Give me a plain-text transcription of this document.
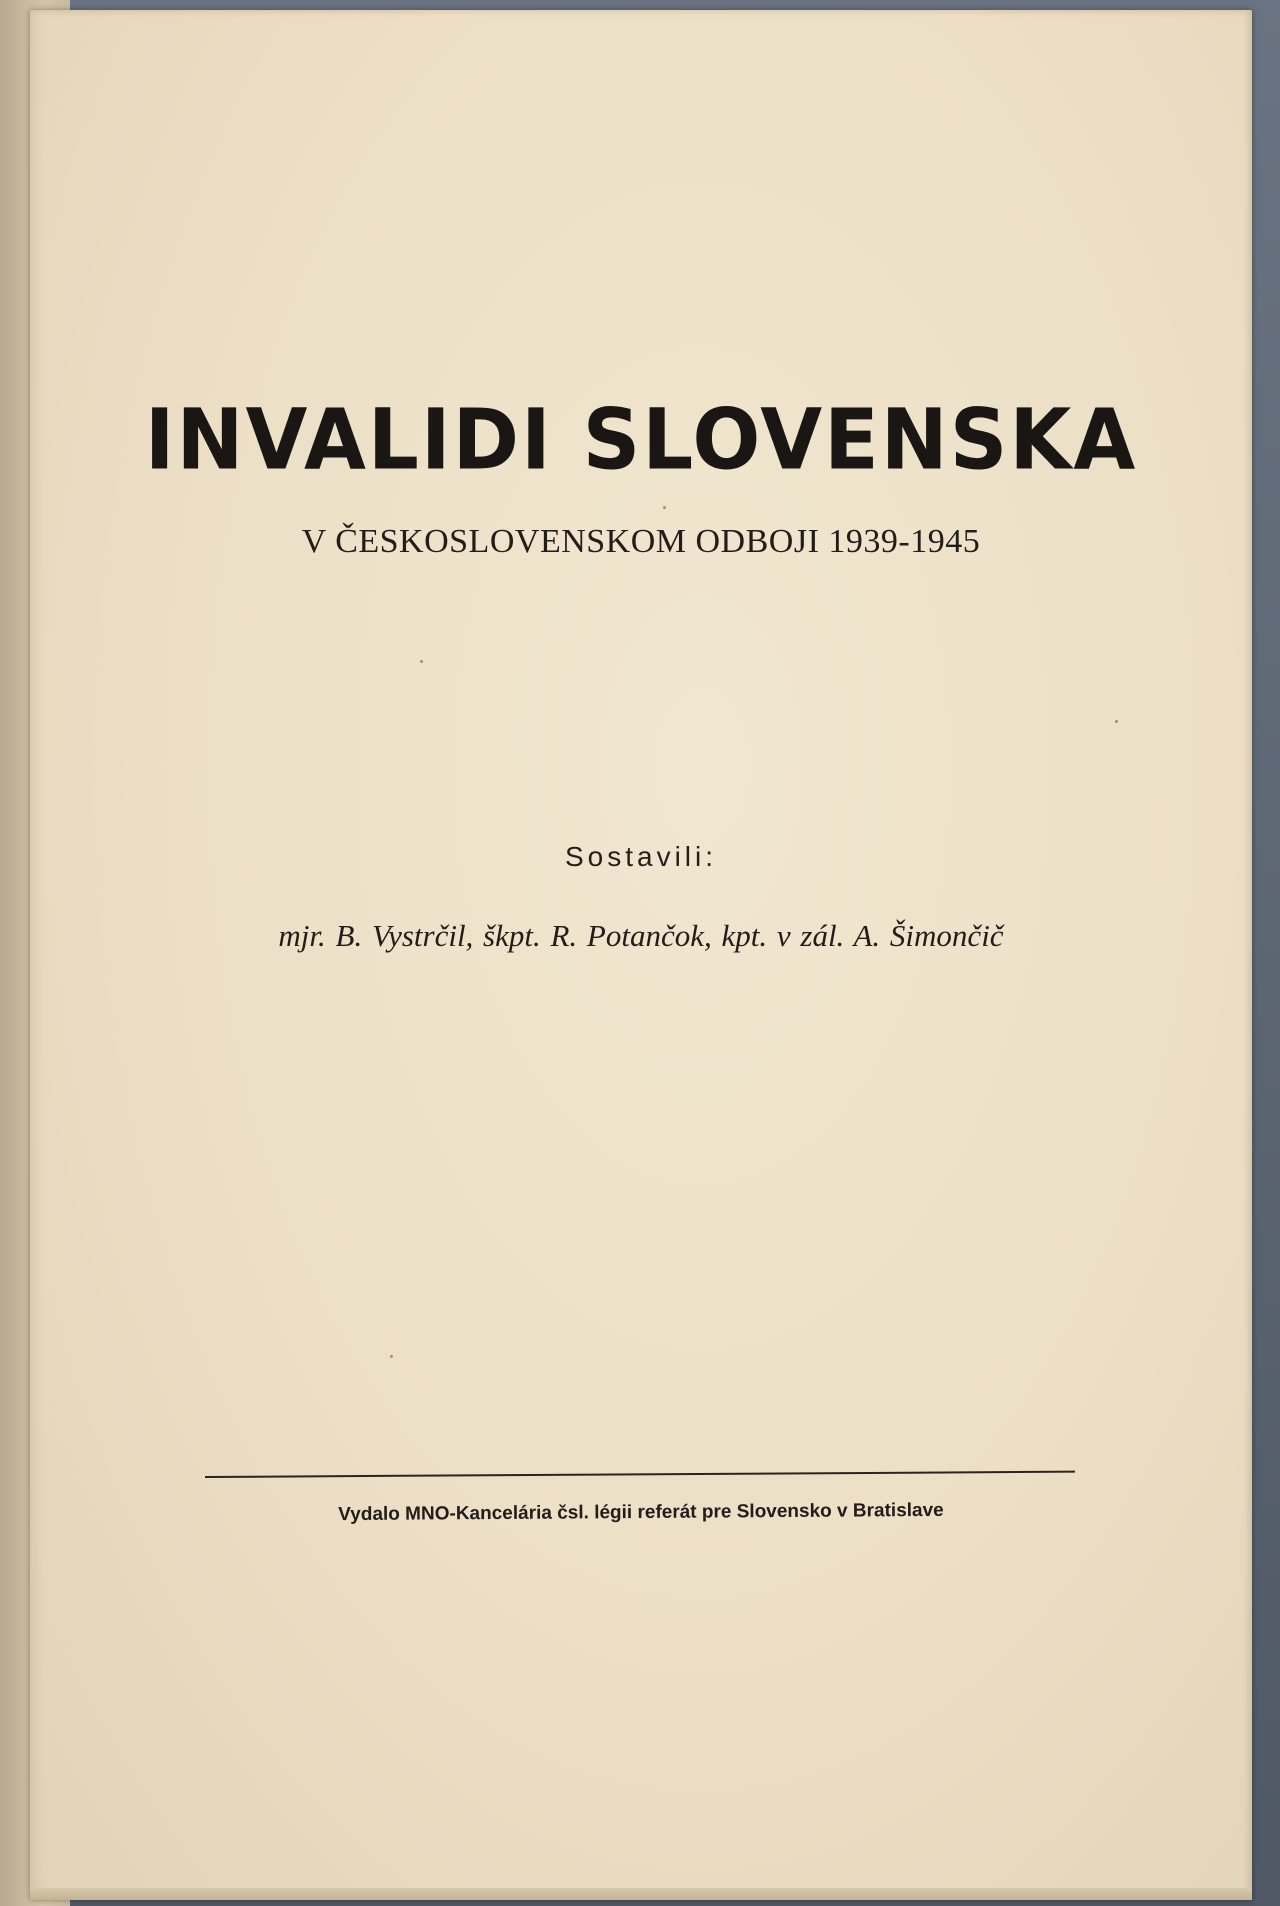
INVALIDI SLOVENSKA
V ČESKOSLOVENSKOM ODBOJI 1939-1945
Sostavili:
mjr. B. Vystrčil, škpt. R. Potančok, kpt. v zál. A. Šimončič
Vydalo MNO-Kancelária čsl. légii referát pre Slovensko v Bratislave
